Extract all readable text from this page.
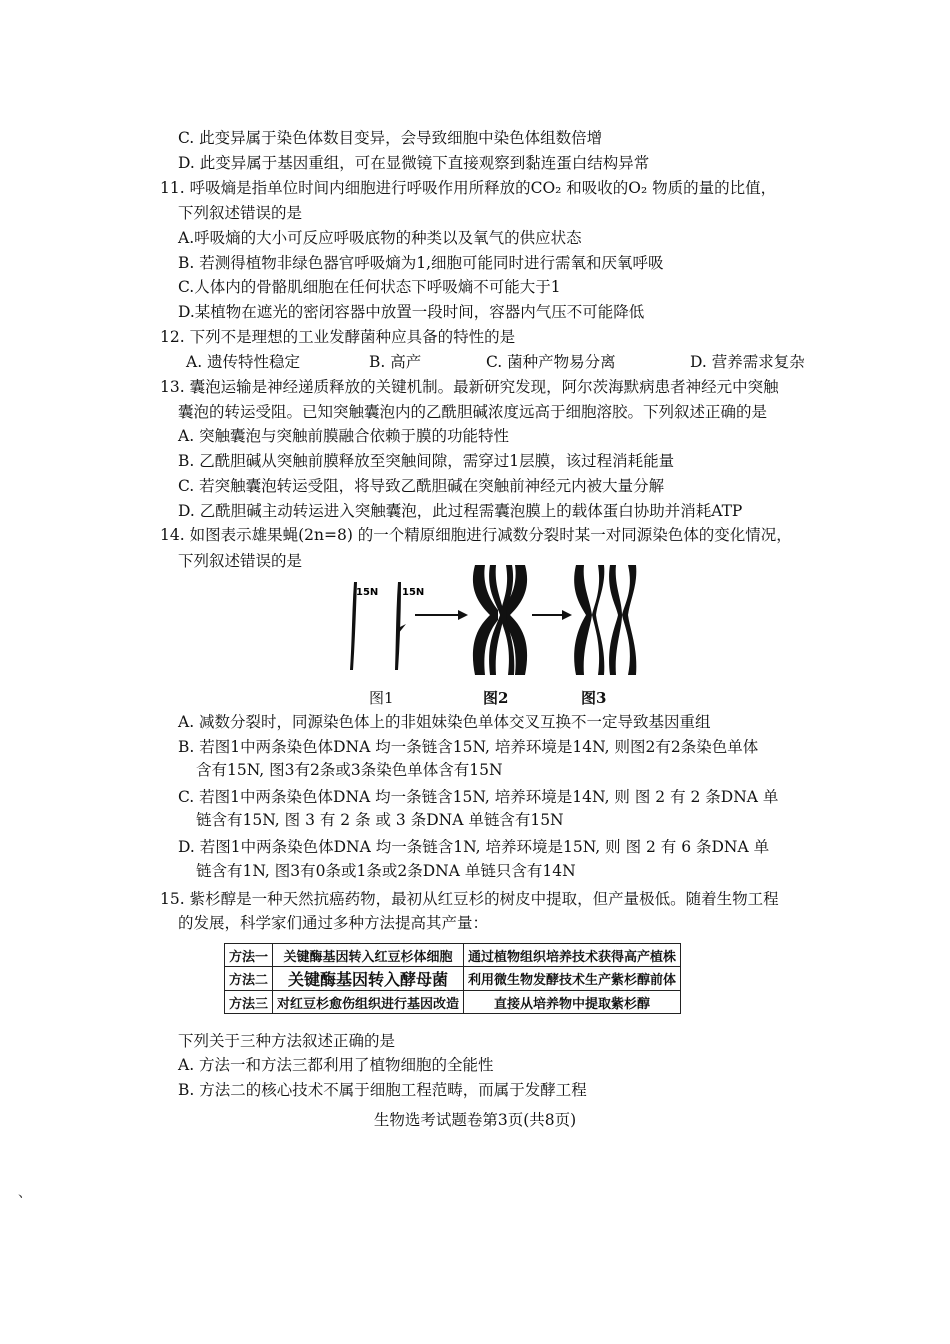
C. 此变异属于染色体数目变异，会导致细胞中染色体组数倍增
D. 此变异属于基因重组，可在显微镜下直接观察到黏连蛋白结构异常
11. 呼吸熵是指单位时间内细胞进行呼吸作用所释放的CO₂ 和吸收的O₂ 物质的量的比值，
下列叙述错误的是
A.呼吸熵的大小可反应呼吸底物的种类以及氧气的供应状态
B. 若测得植物非绿色器官呼吸熵为1,细胞可能同时进行需氧和厌氧呼吸
C.人体内的骨骼肌细胞在任何状态下呼吸熵不可能大于1
D.某植物在遮光的密闭容器中放置一段时间，容器内气压不可能降低
12. 下列不是理想的工业发酵菌种应具备的特性的是
A. 遗传特性稳定	B. 高产	C. 菌种产物易分离	D. 营养需求复杂
13. 囊泡运输是神经递质释放的关键机制。最新研究发现，阿尔茨海默病患者神经元中突触
囊泡的转运受阻。已知突触囊泡内的乙酰胆碱浓度远高于细胞溶胶。下列叙述正确的是
A. 突触囊泡与突触前膜融合依赖于膜的功能特性
B. 乙酰胆碱从突触前膜释放至突触间隙，需穿过1层膜，该过程消耗能量
C. 若突触囊泡转运受阻，将导致乙酰胆碱在突触前神经元内被大量分解
D. 乙酰胆碱主动转运进入突触囊泡，此过程需囊泡膜上的载体蛋白协助并消耗ATP
14. 如图表示雄果蝇(2n=8) 的一个精原细胞进行减数分裂时某一对同源染色体的变化情况，
下列叙述错误的是
15N 15N
图1	图2	图3
A. 减数分裂时，同源染色体上的非姐妹染色单体交叉互换不一定导致基因重组
B. 若图1中两条染色体DNA 均一条链含15N, 培养环境是14N, 则图2有2条染色单体
含有15N, 图3有2条或3条染色单体含有15N
C. 若图1中两条染色体DNA 均一条链含15N, 培养环境是14N, 则 图 2 有 2 条DNA 单
链含有15N, 图 3 有 2 条 或 3 条DNA 单链含有15N
D. 若图1中两条染色体DNA 均一条链含1N, 培养环境是15N, 则 图 2 有 6 条DNA 单
链含有1N, 图3有0条或1条或2条DNA 单链只含有14N
15. 紫杉醇是一种天然抗癌药物，最初从红豆杉的树皮中提取，但产量极低。随着生物工程
的发展，科学家们通过多种方法提高其产量：
方法一	关键酶基因转入红豆杉体细胞	通过植物组织培养技术获得高产植株
方法二	关键酶基因转入酵母菌	利用微生物发酵技术生产紫杉醇前体
方法三	对红豆杉愈伤组织进行基因改造	直接从培养物中提取紫杉醇
下列关于三种方法叙述正确的是
A. 方法一和方法三都利用了植物细胞的全能性
B. 方法二的核心技术不属于细胞工程范畴，而属于发酵工程
生物选考试题卷第3页(共8页)
、
